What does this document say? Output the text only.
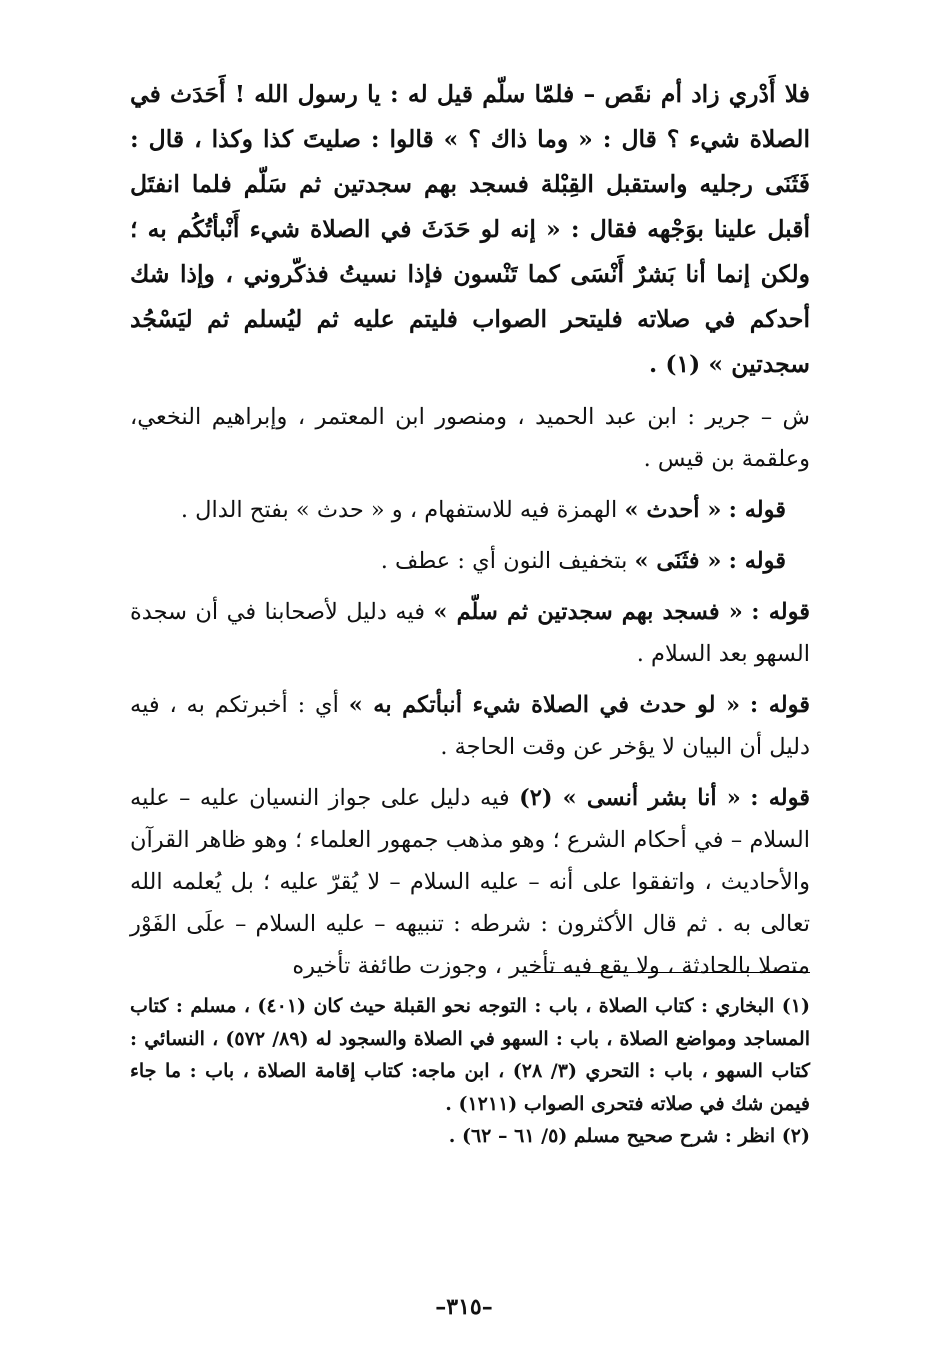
فلا أَدْري زاد أم نقَص – فلمّا سلّم قيل له : يا رسول الله ! أَحَدَث في الصلاة شيء ؟ قال : « وما ذاك ؟ » قالوا : صليتَ كذا وكذا ، قال : فَثَنَى رجليه واستقبل القِبْلة فسجد بهم سجدتين ثم سَلّم فلما انفتَل أقبل علينا بوَجْهه فقال : « إنه لو حَدَثَ في الصلاة شيء أَنْبأتُكُم به ؛ ولكن إنما أنا بَشرٌ أَنْسَى كما تَنْسون فإذا نسيتُ فذكّروني ، وإذا شك أحدكم في صلاته فليتحر الصواب فليتم عليه ثم ليُسلم ثم ليَسْجُد سجدتين » (١) .

ش – جرير : ابن عبد الحميد ، ومنصور ابن المعتمر ، وإبراهيم النخعي، وعلقمة بن قيس .

قوله : « أحدث » الهمزة فيه للاستفهام ، و « حدث » بفتح الدال .

قوله : « فثَنَى » بتخفيف النون أي : عطف .

قوله : « فسجد بهم سجدتين ثم سلّم » فيه دليل لأصحابنا في أن سجدة السهو بعد السلام .

قوله : « لو حدث في الصلاة شيء أنبأتكم به » أي : أخبرتكم به ، فيه دليل أن البيان لا يؤخر عن وقت الحاجة .

قوله : « أنا بشر أنسى » (٢) فيه دليل على جواز النسيان عليه – عليه السلام – في أحكام الشرع ؛ وهو مذهب جمهور العلماء ؛ وهو ظاهر القرآن والأحاديث ، واتفقوا على أنه – عليه السلام – لا يُقرّ عليه ؛ بل يُعلمه الله تعالى به . ثم قال الأكثرون : شرطه : تنبيهه – عليه السلام – علَى الفَوْر متصلا بالحادثة ، ولا يقع فيه تأخير ، وجوزت طائفة تأخيره

(١) البخاري : كتاب الصلاة ، باب : التوجه نحو القبلة حيث كان (٤٠١) ، مسلم : كتاب المساجد ومواضع الصلاة ، باب : السهو في الصلاة والسجود له (٨٩/ ٥٧٢) ، النسائي : كتاب السهو ، باب : التحري (٣/ ٢٨) ، ابن ماجه: كتاب إقامة الصلاة ، باب : ما جاء فيمن شك في صلاته فتحرى الصواب (١٢١١) .

(٢) انظر : شرح صحيح مسلم (٥/ ٦١ – ٦٢) .

–٣١٥–
